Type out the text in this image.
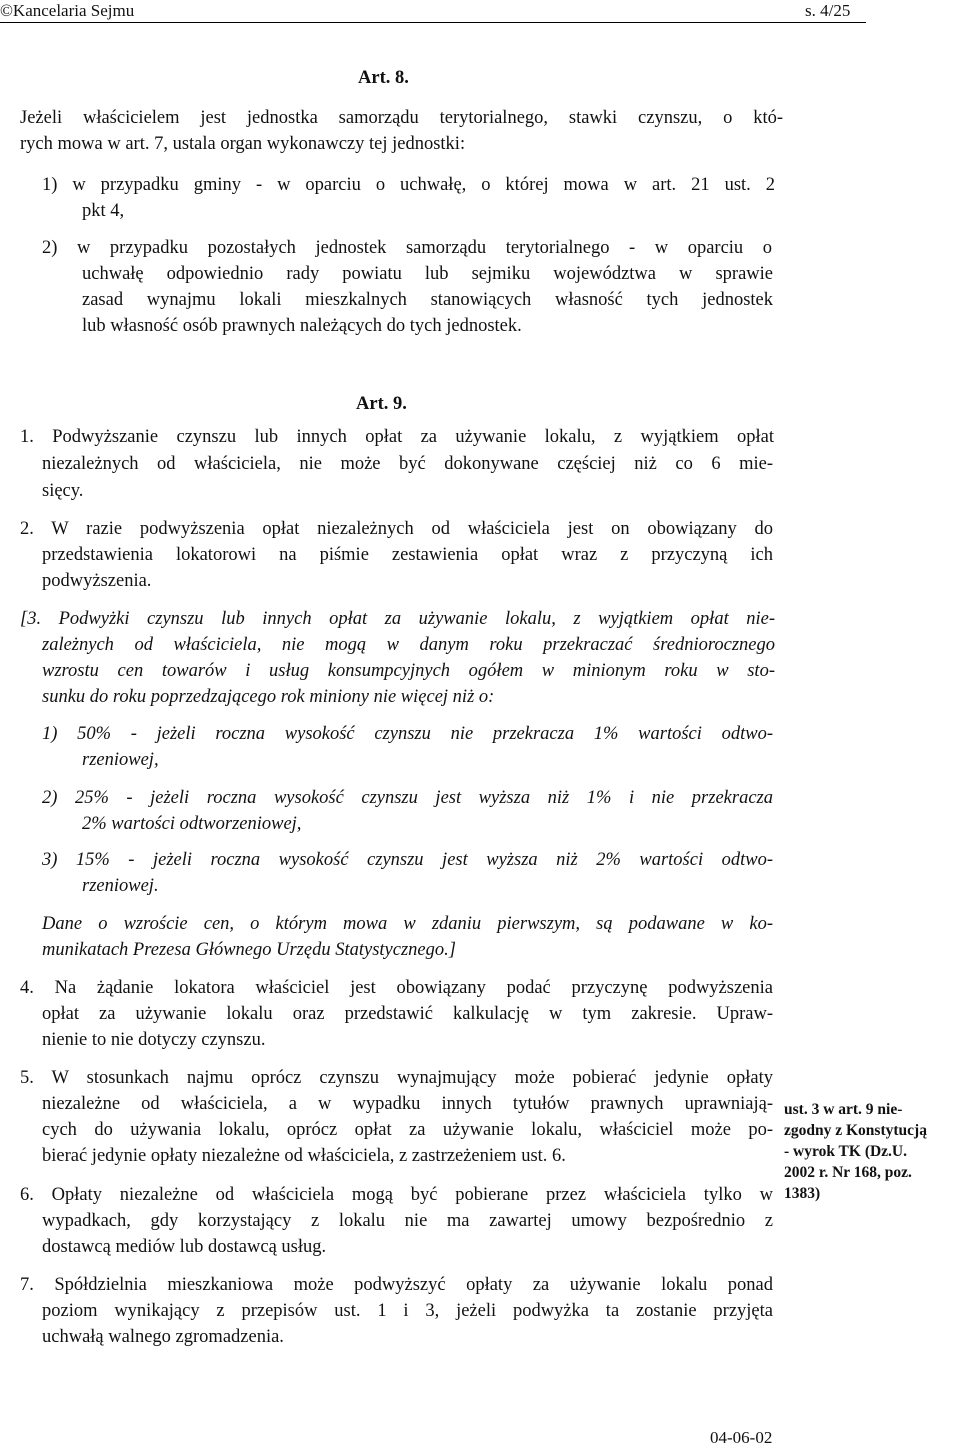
©Kancelaria Sejmu	s. 4/25
Art. 8.
Jeżeli właścicielem jest jednostka samorządu terytorialnego, stawki czynszu, o któ-
rych mowa w art. 7, ustala organ wykonawczy tej jednostki:
1) w przypadku gminy - w oparciu o uchwałę, o której mowa w art. 21 ust. 2
pkt 4,
2) w przypadku pozostałych jednostek samorządu terytorialnego - w oparciu o
uchwałę odpowiednio rady powiatu lub sejmiku województwa w sprawie
zasad wynajmu lokali mieszkalnych stanowiących własność tych jednostek
lub własność osób prawnych należących do tych jednostek.
Art. 9.
1. Podwyższanie czynszu lub innych opłat za używanie lokalu, z wyjątkiem opłat
niezależnych od właściciela, nie może być dokonywane częściej niż co 6 mie-
sięcy.
2. W razie podwyższenia opłat niezależnych od właściciela jest on obowiązany do
przedstawienia lokatorowi na piśmie zestawienia opłat wraz z przyczyną ich
podwyższenia.
[3. Podwyżki czynszu lub innych opłat za używanie lokalu, z wyjątkiem opłat nie-
zależnych od właściciela, nie mogą w danym roku przekraczać średniorocznego
wzrostu cen towarów i usług konsumpcyjnych ogółem w minionym roku w sto-
sunku do roku poprzedzającego rok miniony nie więcej niż o:
1) 50% - jeżeli roczna wysokość czynszu nie przekracza 1% wartości odtwo-
rzeniowej,
2) 25% - jeżeli roczna wysokość czynszu jest wyższa niż 1% i nie przekracza
2% wartości odtworzeniowej,
3) 15% - jeżeli roczna wysokość czynszu jest wyższa niż 2% wartości odtwo-
rzeniowej.
Dane o wzroście cen, o którym mowa w zdaniu pierwszym, są podawane w ko-
munikatach Prezesa Głównego Urzędu Statystycznego.]
4. Na żądanie lokatora właściciel jest obowiązany podać przyczynę podwyższenia
opłat za używanie lokalu oraz przedstawić kalkulację w tym zakresie. Upraw-
nienie to nie dotyczy czynszu.
5. W stosunkach najmu oprócz czynszu wynajmujący może pobierać jedynie opłaty
niezależne od właściciela, a w wypadku innych tytułów prawnych uprawniają-
cych do używania lokalu, oprócz opłat za używanie lokalu, właściciel może po-
bierać jedynie opłaty niezależne od właściciela, z zastrzeżeniem ust. 6.
6. Opłaty niezależne od właściciela mogą być pobierane przez właściciela tylko w
wypadkach, gdy korzystający z lokalu nie ma zawartej umowy bezpośrednio z
dostawcą mediów lub dostawcą usług.
7. Spółdzielnia mieszkaniowa może podwyższyć opłaty za używanie lokalu ponad
poziom wynikający z przepisów ust. 1 i 3, jeżeli podwyżka ta zostanie przyjęta
uchwałą walnego zgromadzenia.
ust. 3 w art. 9 nie-
zgodny z Konstytucją
- wyrok TK (Dz.U.
2002 r. Nr 168, poz.
1383)
04-06-02
